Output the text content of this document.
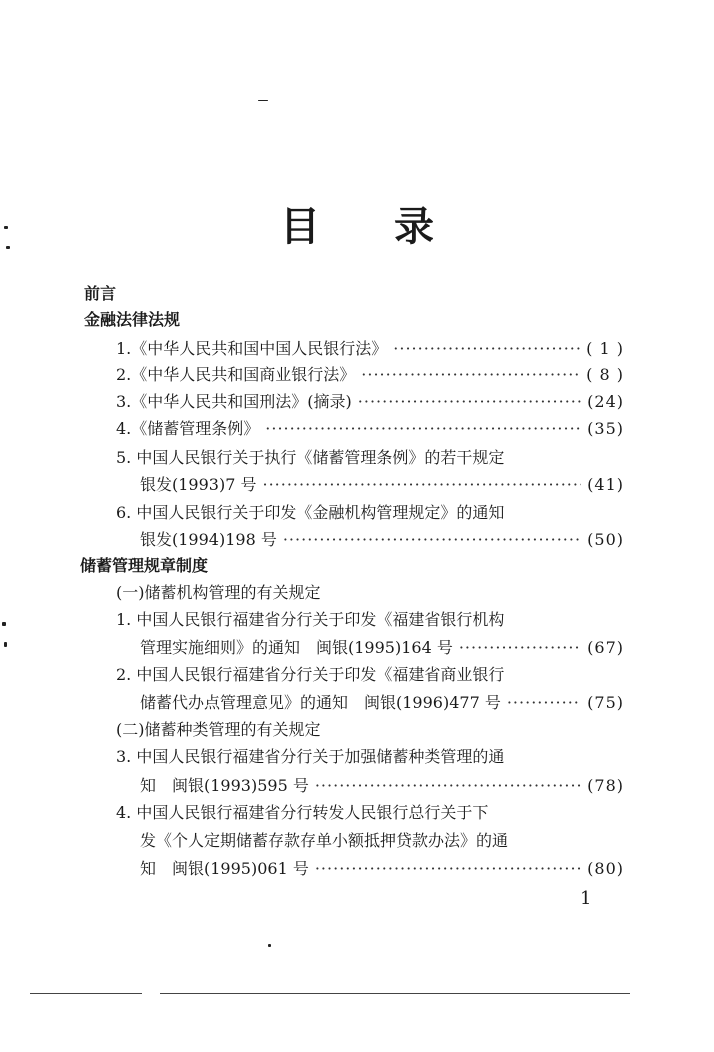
目 录
前言
金融法律法规
1.《中华人民共和国中国人民银行法》 ·····	( 1 )
2.《中华人民共和国商业银行法》 ·····	( 8 )
3.《中华人民共和国刑法》(摘录) ·····	(24)
4.《储蓄管理条例》 ·····	(35)
5. 中国人民银行关于执行《储蓄管理条例》的若干规定
银发(1993)7 号 ·····	(41)
6. 中国人民银行关于印发《金融机构管理规定》的通知
银发(1994)198 号 ·····	(50)
储蓄管理规章制度
(一)储蓄机构管理的有关规定
1. 中国人民银行福建省分行关于印发《福建省银行机构
管理实施细则》的通知　闽银(1995)164 号 ·····	(67)
2. 中国人民银行福建省分行关于印发《福建省商业银行
储蓄代办点管理意见》的通知　闽银(1996)477 号 ·····	(75)
(二)储蓄种类管理的有关规定
3. 中国人民银行福建省分行关于加强储蓄种类管理的通
知　闽银(1993)595 号 ·····	(78)
4. 中国人民银行福建省分行转发人民银行总行关于下
发《个人定期储蓄存款存单小额抵押贷款办法》的通
知　闽银(1995)061 号 ·····	(80)
1
